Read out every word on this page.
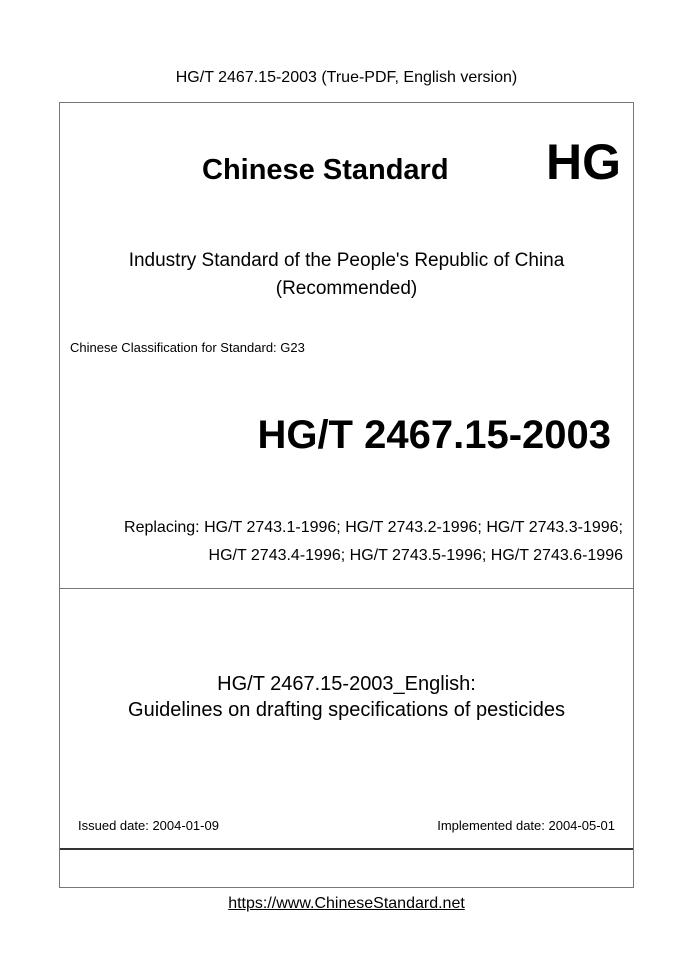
HG/T 2467.15-2003 (True-PDF, English version)
Chinese Standard HG
Industry Standard of the People's Republic of China
(Recommended)
Chinese Classification for Standard: G23
HG/T 2467.15-2003
Replacing: HG/T 2743.1-1996; HG/T 2743.2-1996; HG/T 2743.3-1996;
HG/T 2743.4-1996; HG/T 2743.5-1996; HG/T 2743.6-1996
HG/T 2467.15-2003_English:
Guidelines on drafting specifications of pesticides
Issued date: 2004-01-09	Implemented date: 2004-05-01
https://www.ChineseStandard.net
